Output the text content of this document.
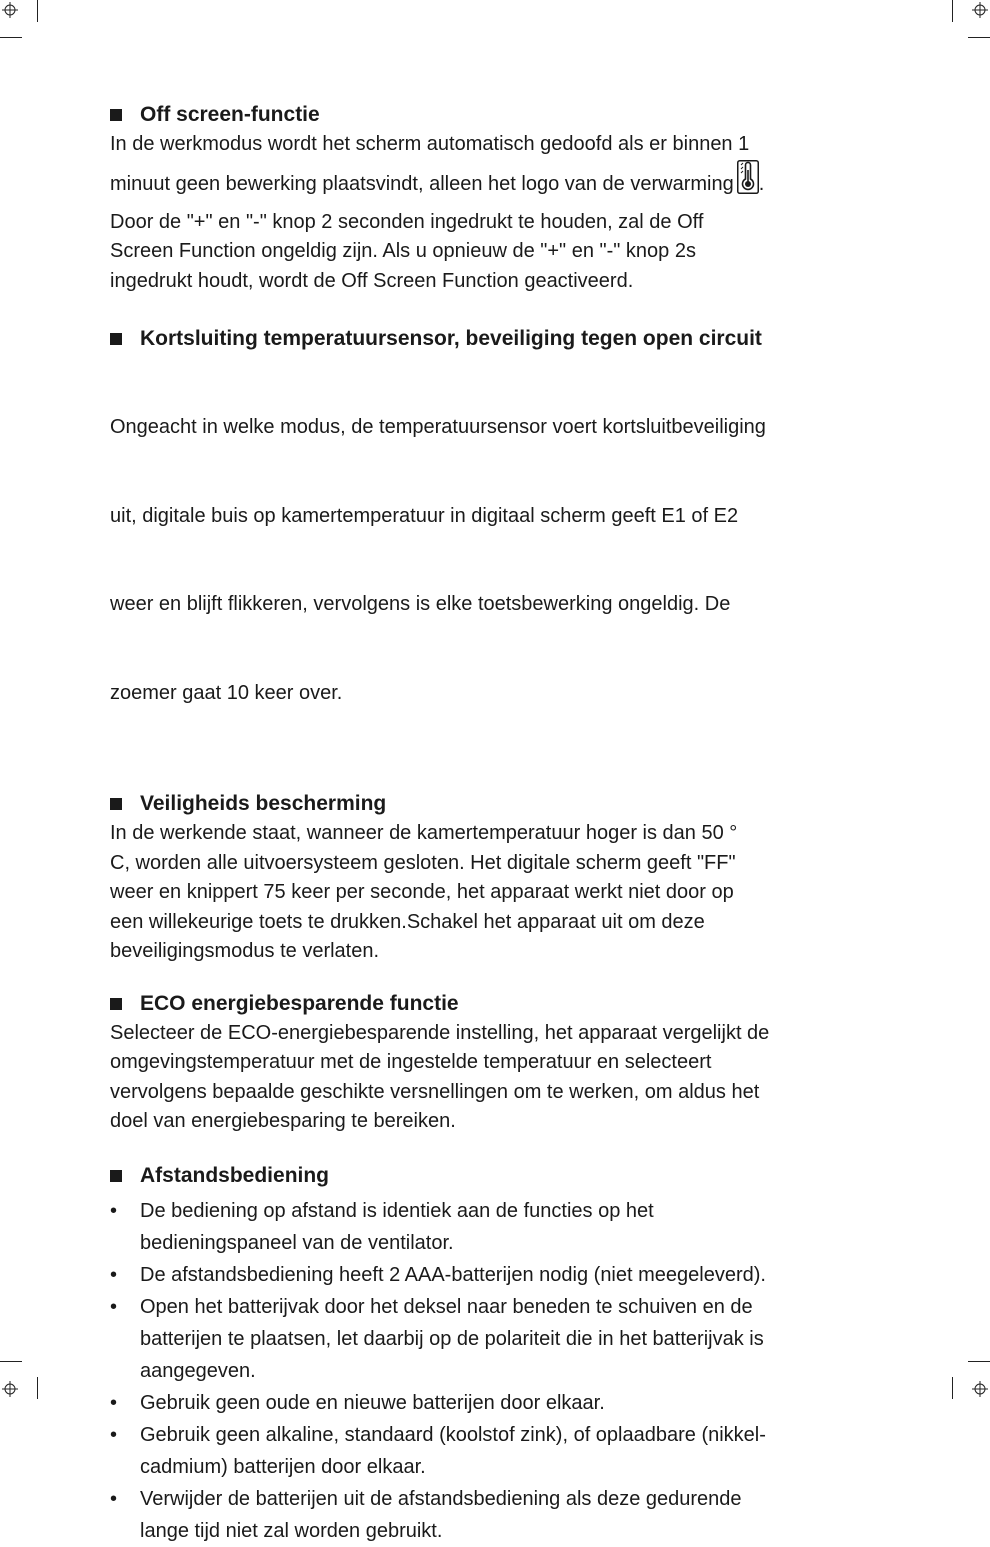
Off screen-functie
In de werkmodus wordt het scherm automatisch gedoofd als er binnen 1
minuut geen bewerking plaatsvindt, alleen het logo van de verwarming .
Door de "+" en "-" knop 2 seconden ingedrukt te houden, zal de Off
Screen Function ongeldig zijn. Als u opnieuw de "+" en "-" knop 2s
ingedrukt houdt, wordt de Off Screen Function geactiveerd.
Kortsluiting temperatuursensor, beveiliging tegen open circuit

Ongeacht in welke modus, de temperatuursensor voert kortsluitbeveiliging

uit, digitale buis op kamertemperatuur in digitaal scherm geeft E1 of E2

weer en blijft flikkeren, vervolgens is elke toetsbewerking ongeldig. De

zoemer gaat 10 keer over.

Veiligheids bescherming
In de werkende staat, wanneer de kamertemperatuur hoger is dan 50 °
C, worden alle uitvoersysteem gesloten. Het digitale scherm geeft "FF"
weer en knippert 75 keer per seconde, het apparaat werkt niet door op
een willekeurige toets te drukken.Schakel het apparaat uit om deze
beveiligingsmodus te verlaten.
ECO energiebesparende functie
Selecteer de ECO-energiebesparende instelling, het apparaat vergelijkt de
omgevingstemperatuur met de ingestelde temperatuur en selecteert
vervolgens bepaalde geschikte versnellingen om te werken, om aldus het
doel van energiebesparing te bereiken.
Afstandsbediening
• De bediening op afstand is identiek aan de functies op het
bedieningspaneel van de ventilator.
• De afstandsbediening heeft 2 AAA-batterijen nodig (niet meegeleverd).
• Open het batterijvak door het deksel naar beneden te schuiven en de
batterijen te plaatsen, let daarbij op de polariteit die in het batterijvak is
aangegeven.
• Gebruik geen oude en nieuwe batterijen door elkaar.
• Gebruik geen alkaline, standaard (koolstof zink), of oplaadbare (nikkel-
cadmium) batterijen door elkaar.
• Verwijder de batterijen uit de afstandsbediening als deze gedurende
lange tijd niet zal worden gebruikt.
